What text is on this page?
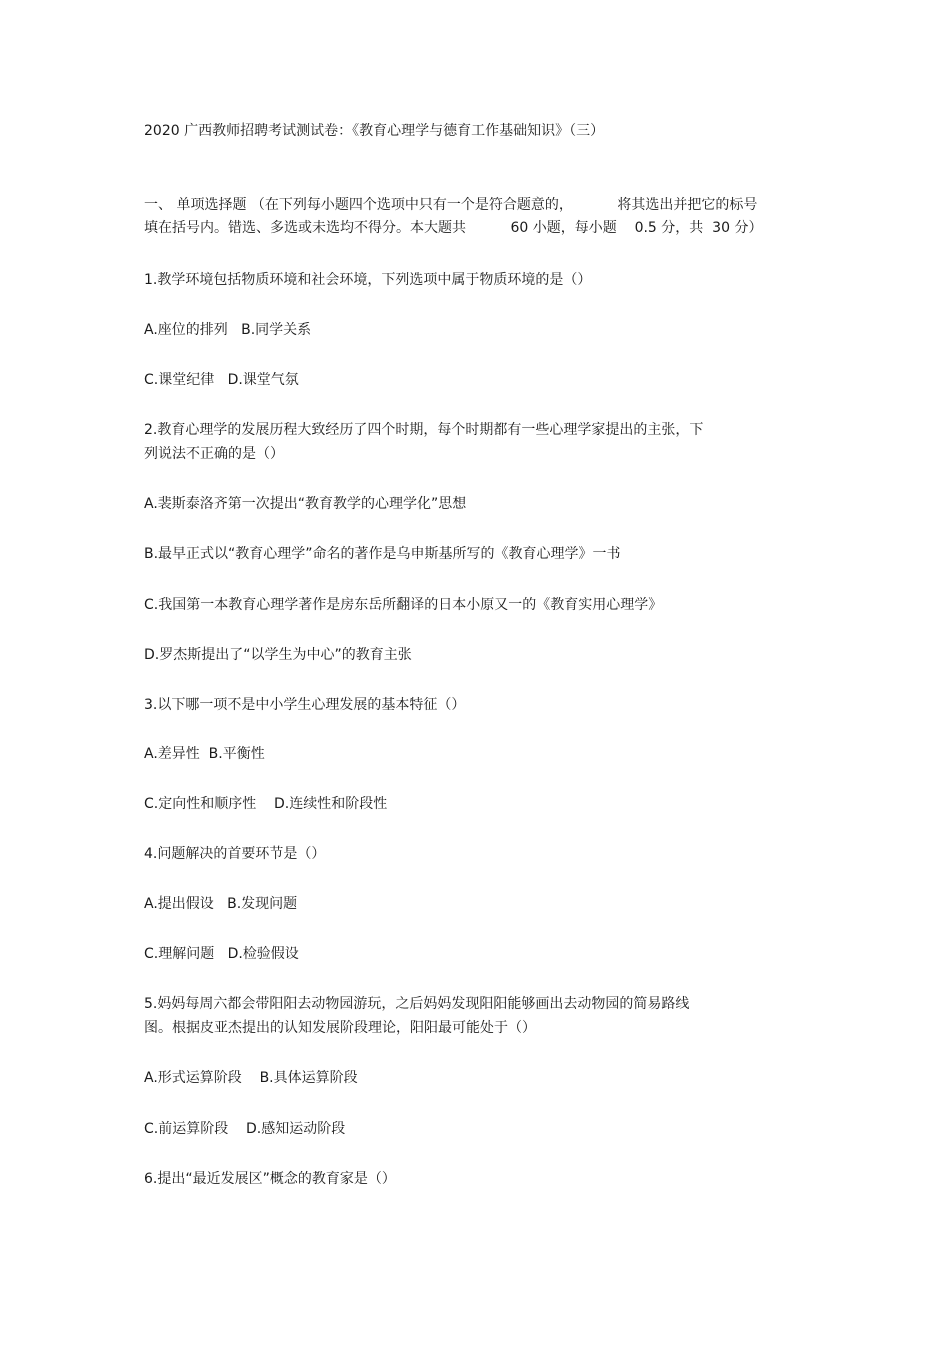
2020 广西教师招聘考试测试卷：《教育心理学与德育工作基础知识》（三）
一、 单项选择题 （在下列每小题四个选项中只有一个是符合题意的，          将其选出并把它的标号
填在括号内。错选、多选或未选均不得分。本大题共          60 小题，每小题    0.5 分，共  30 分）
1.教学环境包括物质环境和社会环境，下列选项中属于物质环境的是（）
A.座位的排列   B.同学关系
C.课堂纪律   D.课堂气氛
2.教育心理学的发展历程大致经历了四个时期，每个时期都有一些心理学家提出的主张，下
列说法不正确的是（）
A.裴斯泰洛齐第一次提出“教育教学的心理学化”思想
B.最早正式以“教育心理学”命名的著作是乌申斯基所写的《教育心理学》一书
C.我国第一本教育心理学著作是房东岳所翻译的日本小原又一的《教育实用心理学》
D.罗杰斯提出了“以学生为中心”的教育主张
3.以下哪一项不是中小学生心理发展的基本特征（）
A.差异性  B.平衡性
C.定向性和顺序性    D.连续性和阶段性
4.问题解决的首要环节是（）
A.提出假设   B.发现问题
C.理解问题   D.检验假设
5.妈妈每周六都会带阳阳去动物园游玩，之后妈妈发现阳阳能够画出去动物园的简易路线
图。根据皮亚杰提出的认知发展阶段理论，阳阳最可能处于（）
A.形式运算阶段    B.具体运算阶段
C.前运算阶段    D.感知运动阶段
6.提出“最近发展区”概念的教育家是（）
